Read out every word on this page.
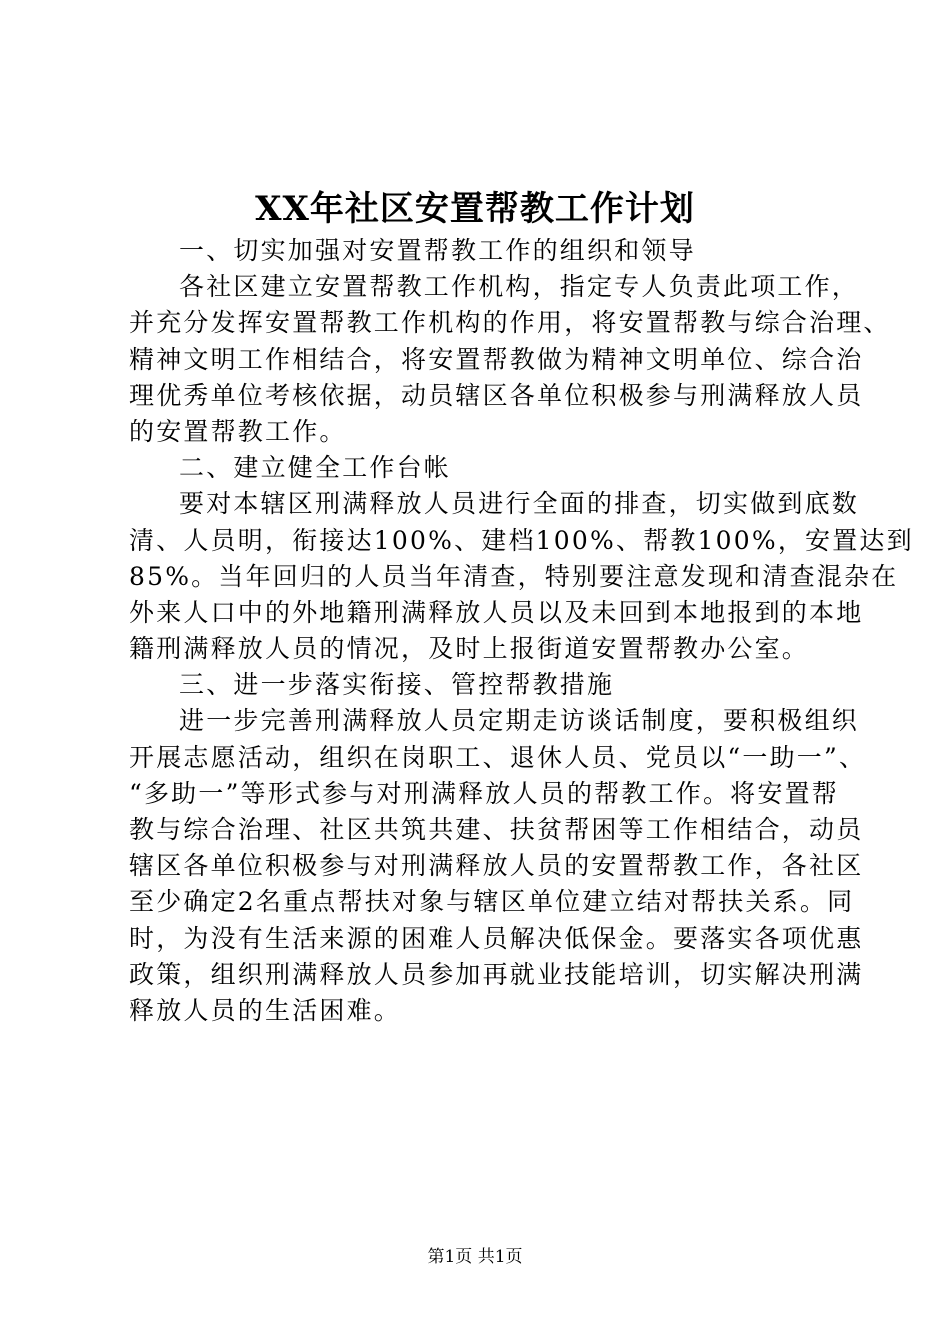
XX年社区安置帮教工作计划
一、切实加强对安置帮教工作的组织和领导
各社区建立安置帮教工作机构，指定专人负责此项工作，
并充分发挥安置帮教工作机构的作用，将安置帮教与综合治理、
精神文明工作相结合，将安置帮教做为精神文明单位、综合治
理优秀单位考核依据，动员辖区各单位积极参与刑满释放人员
的安置帮教工作。
二、建立健全工作台帐
要对本辖区刑满释放人员进行全面的排查，切实做到底数
清、人员明，衔接达100%、建档100%、帮教100%，安置达到
85%。当年回归的人员当年清查，特别要注意发现和清查混杂在
外来人口中的外地籍刑满释放人员以及未回到本地报到的本地
籍刑满释放人员的情况，及时上报街道安置帮教办公室。
三、进一步落实衔接、管控帮教措施
进一步完善刑满释放人员定期走访谈话制度，要积极组织
开展志愿活动，组织在岗职工、退休人员、党员以“一助一”、
“多助一”等形式参与对刑满释放人员的帮教工作。将安置帮
教与综合治理、社区共筑共建、扶贫帮困等工作相结合，动员
辖区各单位积极参与对刑满释放人员的安置帮教工作，各社区
至少确定2名重点帮扶对象与辖区单位建立结对帮扶关系。同
时，为没有生活来源的困难人员解决低保金。要落实各项优惠
政策，组织刑满释放人员参加再就业技能培训，切实解决刑满
释放人员的生活困难。
第1页 共1页
